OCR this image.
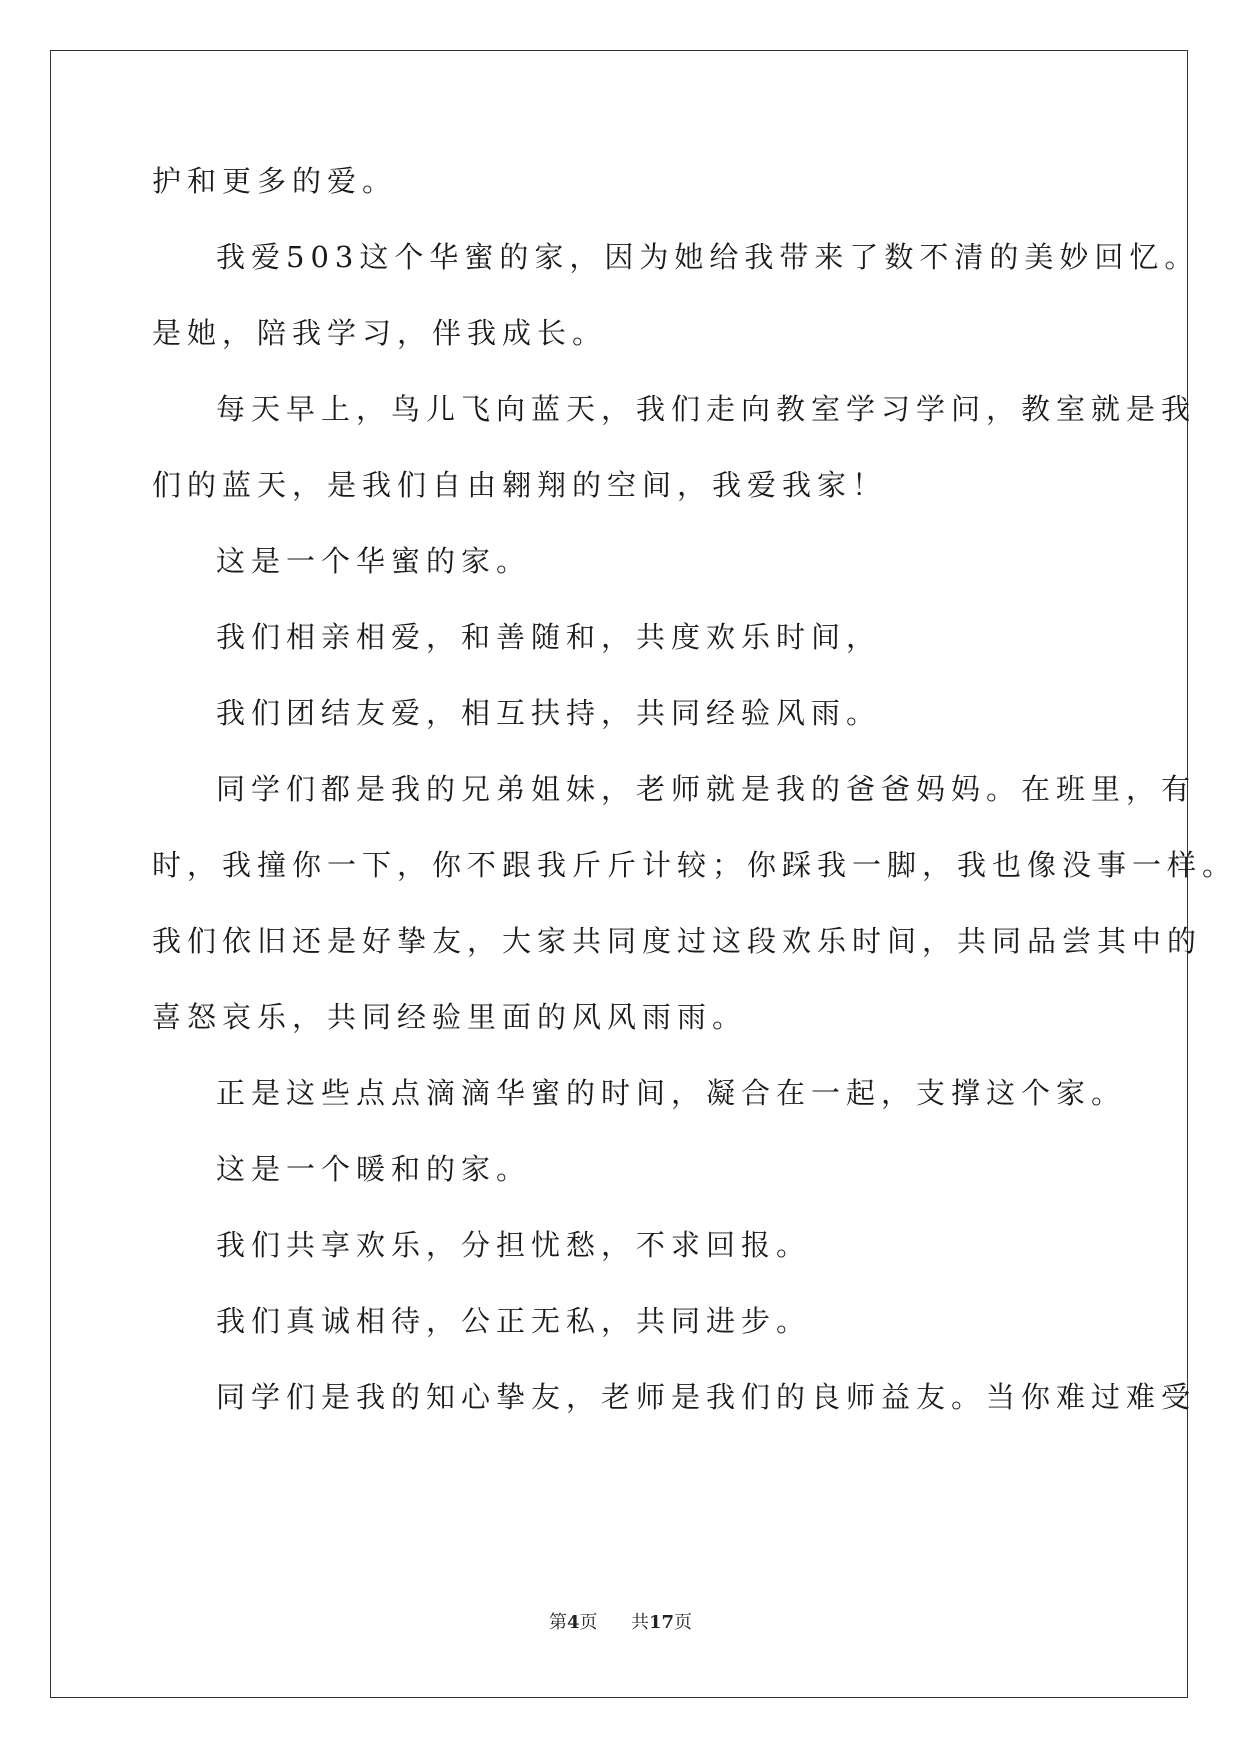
护和更多的爱。
我爱503这个华蜜的家，因为她给我带来了数不清的美妙回忆。
是她，陪我学习，伴我成长。
每天早上，鸟儿飞向蓝天，我们走向教室学习学问，教室就是我
们的蓝天，是我们自由翱翔的空间，我爱我家！
这是一个华蜜的家。
我们相亲相爱，和善随和，共度欢乐时间，
我们团结友爱，相互扶持，共同经验风雨。
同学们都是我的兄弟姐妹，老师就是我的爸爸妈妈。在班里，有
时，我撞你一下，你不跟我斤斤计较；你踩我一脚，我也像没事一样。
我们依旧还是好挚友，大家共同度过这段欢乐时间，共同品尝其中的
喜怒哀乐，共同经验里面的风风雨雨。
正是这些点点滴滴华蜜的时间，凝合在一起，支撑这个家。
这是一个暖和的家。
我们共享欢乐，分担忧愁，不求回报。
我们真诚相待，公正无私，共同进步。
同学们是我的知心挚友，老师是我们的良师益友。当你难过难受
第4页 共17页
